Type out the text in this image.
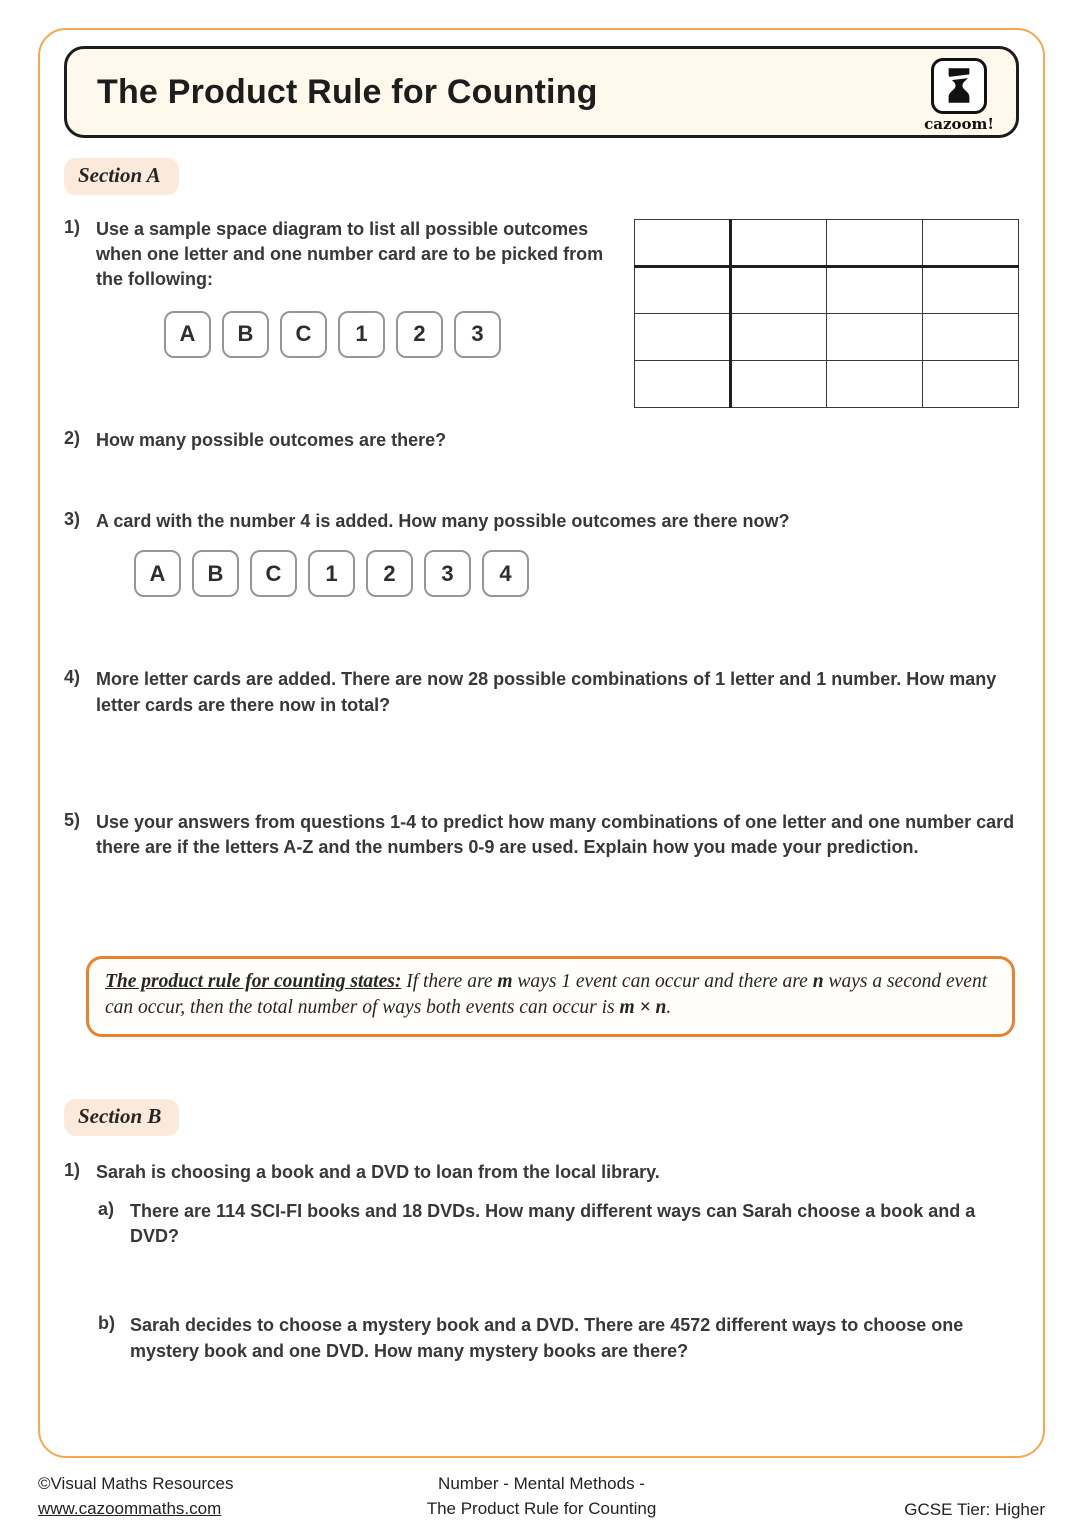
The Product Rule for Counting
cazoom!
Section A
1) Use a sample space diagram to list all possible outcomes when one letter and one number card are to be picked from the following:
A	B	C	1	2	3

2) How many possible outcomes are there?
3) A card with the number 4 is added. How many possible outcomes are there now?
A	B	C	1	2	3	4
4) More letter cards are added. There are now 28 possible combinations of 1 letter and 1 number. How many letter cards are there now in total?
5) Use your answers from questions 1-4 to predict how many combinations of one letter and one number card there are if the letters A-Z and the numbers 0-9 are used. Explain how you made your prediction.
The product rule for counting states: If there are m ways 1 event can occur and there are n ways a second event can occur, then the total number of ways both events can occur is m × n.
Section B
1) Sarah is choosing a book and a DVD to loan from the local library.
a) There are 114 SCI-FI books and 18 DVDs. How many different ways can Sarah choose a book and a DVD?
b) Sarah decides to choose a mystery book and a DVD. There are 4572 different ways to choose one mystery book and one DVD. How many mystery books are there?
©Visual Maths Resources
www.cazoommaths.com
Number - Mental Methods -
The Product Rule for Counting	GCSE Tier: Higher
